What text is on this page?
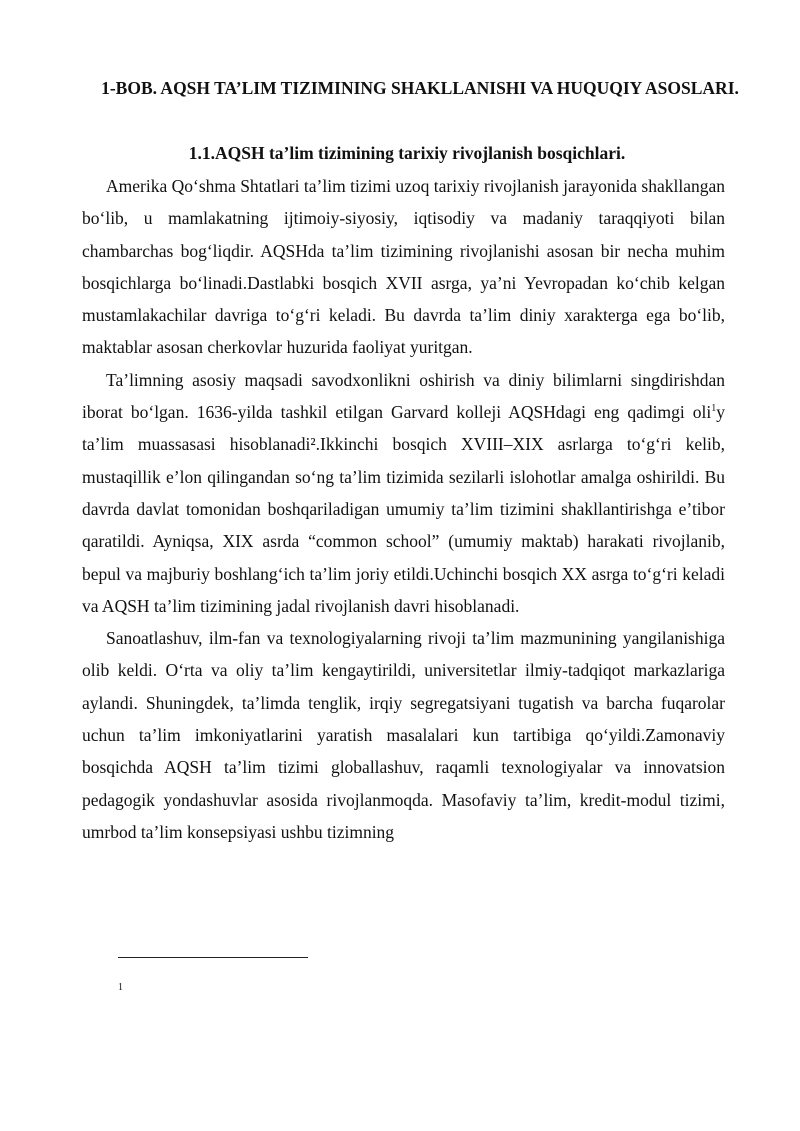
1-BOB. AQSH TA’LIM TIZIMINING SHAKLLANISHI VA HUQUQIY ASOSLARI.
1.1.AQSH ta’lim tizimining tarixiy rivojlanish bosqichlari.

Amerika Qo‘shma Shtatlari ta’lim tizimi uzoq tarixiy rivojlanish jarayonida shakllangan bo‘lib, u mamlakatning ijtimoiy-siyosiy, iqtisodiy va madaniy taraqqiyoti bilan chambarchas bog‘liqdir. AQSHda ta’lim tizimining rivojlanishi asosan bir necha muhim bosqichlarga bo‘linadi.Dastlabki bosqich XVII asrga, ya’ni Yevropadan ko‘chib kelgan mustamlakachilar davriga to‘g‘ri keladi. Bu davrda ta’lim diniy xarakterga ega bo‘lib, maktablar asosan cherkovlar huzurida faoliyat yuritgan.

Ta’limning asosiy maqsadi savodxonlikni oshirish va diniy bilimlarni singdirishdan iborat bo‘lgan. 1636-yilda tashkil etilgan Garvard kolleji AQSHdagi eng qadimgi oli$^1$y ta’lim muassasasi hisoblanadi².Ikkinchi bosqich XVIII–XIX asrlarga to‘g‘ri kelib, mustaqillik e’lon qilingandan so‘ng ta’lim tizimida sezilarli islohotlar amalga oshirildi. Bu davrda davlat tomonidan boshqariladigan umumiy ta’lim tizimini shakllantirishga e’tibor qaratildi. Ayniqsa, XIX asrda “common school” (umumiy maktab) harakati rivojlanib, bepul va majburiy boshlang‘ich ta’lim joriy etildi.Uchinchi bosqich XX asrga to‘g‘ri keladi va AQSH ta’lim tizimining jadal rivojlanish davri hisoblanadi.

Sanoatlashuv, ilm-fan va texnologiyalarning rivoji ta’lim mazmunining yangilanishiga olib keldi. O‘rta va oliy ta’lim kengaytirildi, universitetlar ilmiy-tadqiqot markazlariga aylandi. Shuningdek, ta’limda tenglik, irqiy segregatsiyani tugatish va barcha fuqarolar uchun ta’lim imkoniyatlarini yaratish masalalari kun tartibiga qo‘yildi.Zamonaviy bosqichda AQSH ta’lim tizimi globallashuv, raqamli texnologiyalar va innovatsion pedagogik yondashuvlar asosida rivojlanmoqda. Masofaviy ta’lim, kredit-modul tizimi, umrbod ta’lim konsepsiyasi ushbu tizimning

1
